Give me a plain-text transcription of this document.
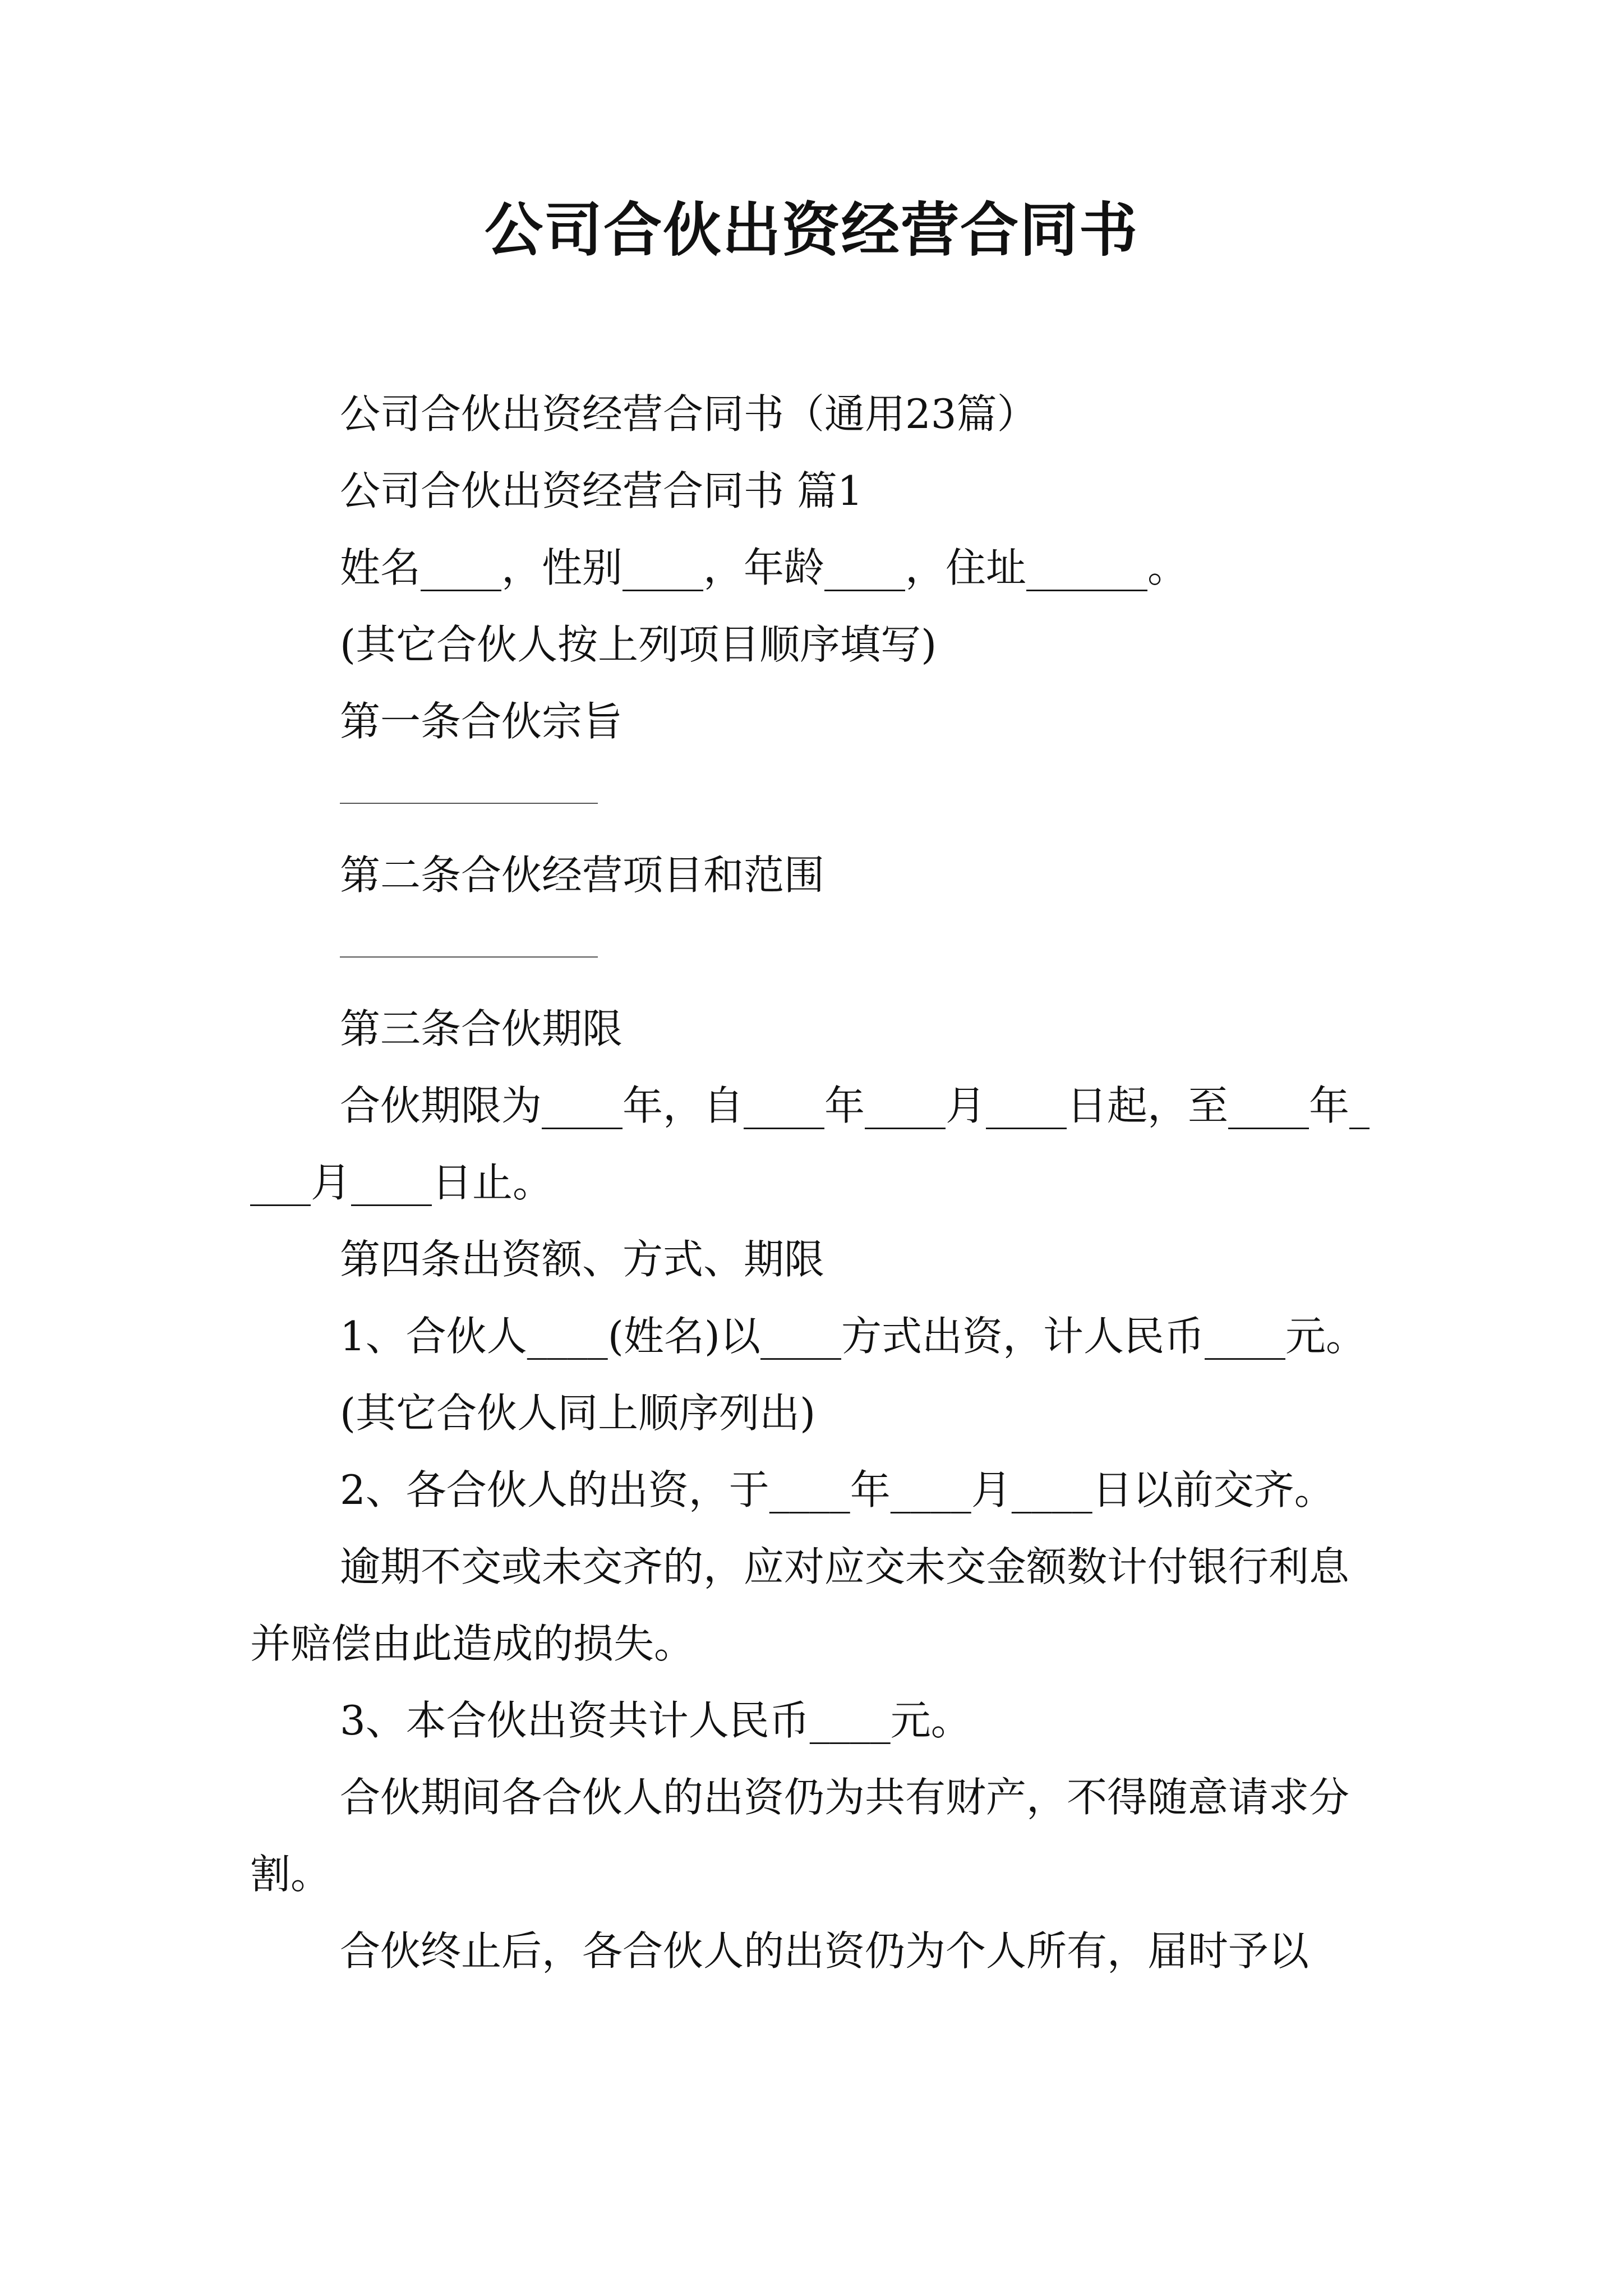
公司合伙出资经营合同书

公司合伙出资经营合同书（通用23篇）

公司合伙出资经营合同书 篇1

姓名____，性别____，年龄____，住址______。

(其它合伙人按上列项目顺序填写)

第一条合伙宗旨

第二条合伙经营项目和范围

第三条合伙期限

合伙期限为____年，自____年____月____日起，至____年____月____日止。

第四条出资额、方式、期限

1、合伙人____(姓名)以____方式出资，计人民币____元。

(其它合伙人同上顺序列出)

2、各合伙人的出资，于____年____月____日以前交齐。

逾期不交或未交齐的，应对应交未交金额数计付银行利息并赔偿由此造成的损失。

3、本合伙出资共计人民币____元。

合伙期间各合伙人的出资仍为共有财产，不得随意请求分割。

合伙终止后，各合伙人的出资仍为个人所有，届时予以
